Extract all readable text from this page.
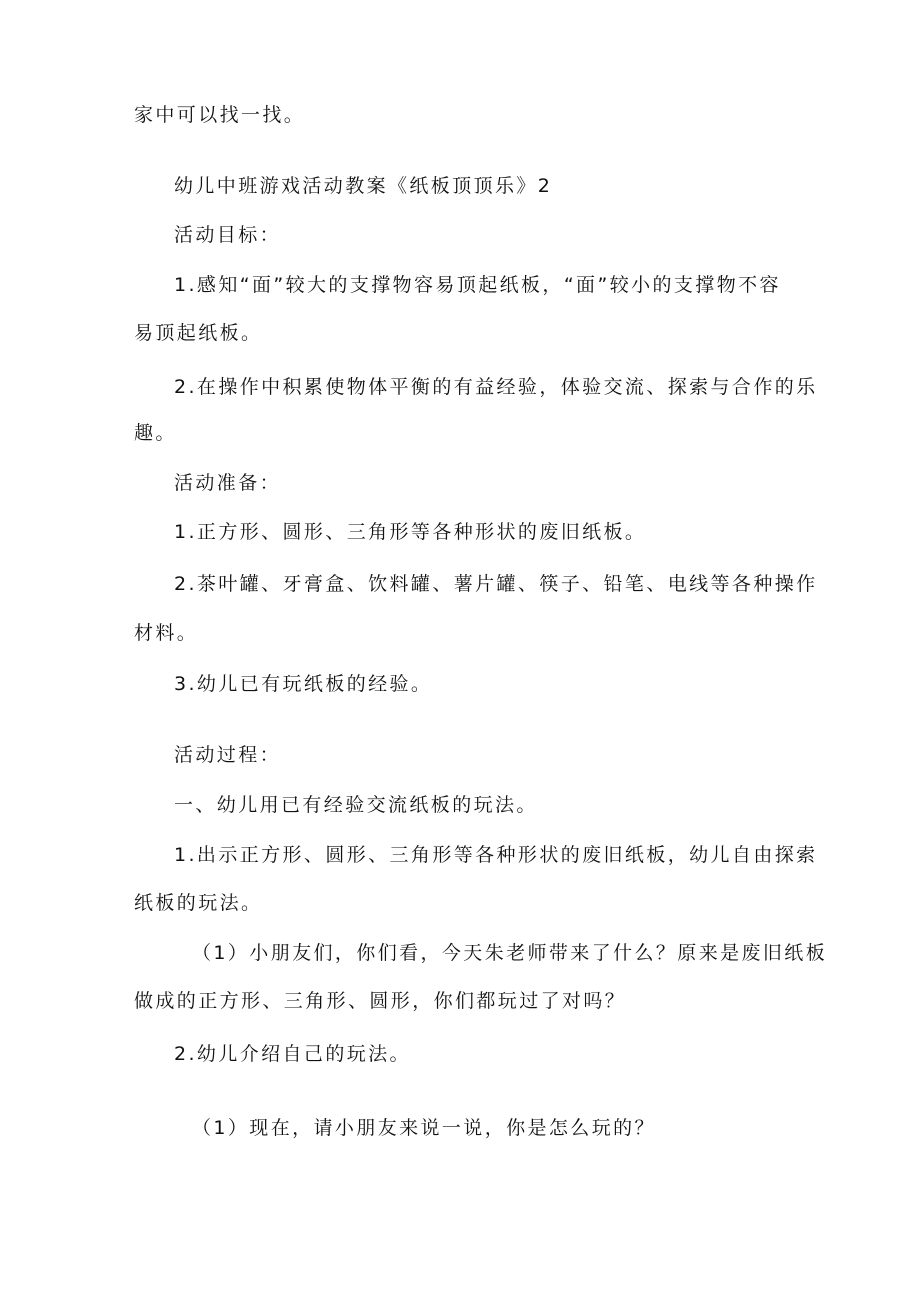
家中可以找一找。
幼儿中班游戏活动教案《纸板顶顶乐》2
活动目标：
1.感知“面”较大的支撑物容易顶起纸板，“面”较小的支撑物不容
易顶起纸板。
2.在操作中积累使物体平衡的有益经验，体验交流、探索与合作的乐
趣。
活动准备：
1.正方形、圆形、三角形等各种形状的废旧纸板。
2.茶叶罐、牙膏盒、饮料罐、薯片罐、筷子、铅笔、电线等各种操作
材料。
3.幼儿已有玩纸板的经验。
活动过程：
一、幼儿用已有经验交流纸板的玩法。
1.出示正方形、圆形、三角形等各种形状的废旧纸板，幼儿自由探索
纸板的玩法。
（1）小朋友们，你们看，今天朱老师带来了什么？原来是废旧纸板
做成的正方形、三角形、圆形，你们都玩过了对吗？
2.幼儿介绍自己的玩法。
（1）现在，请小朋友来说一说，你是怎么玩的？
